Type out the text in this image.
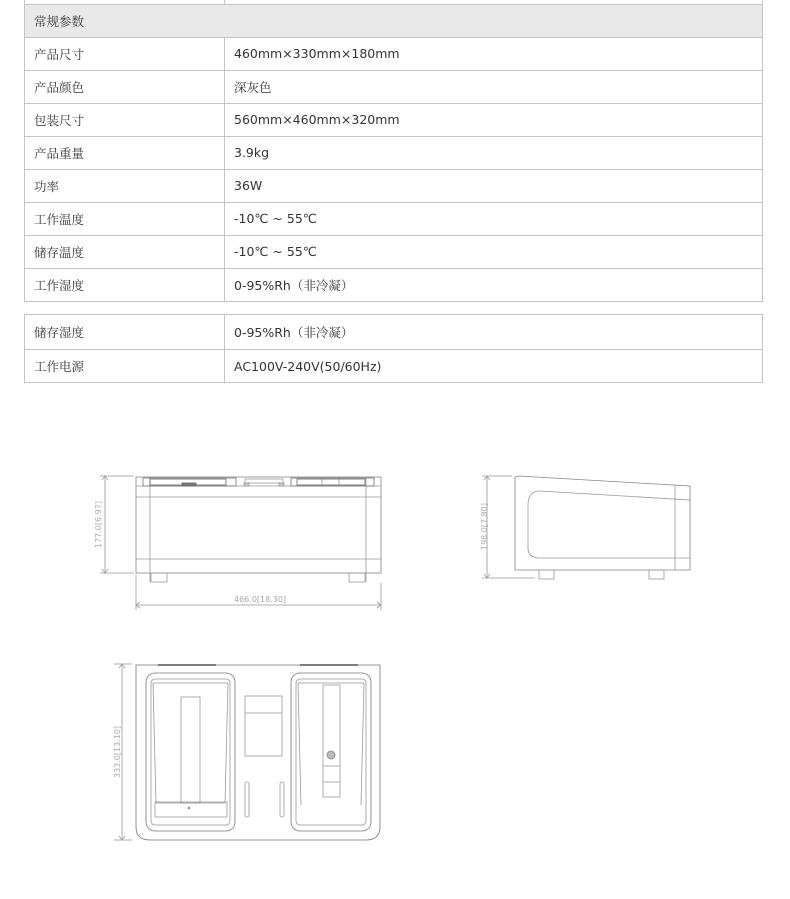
常规参数	
产品尺寸	460mm×330mm×180mm
产品颜色	深灰色
包装尺寸	560mm×460mm×320mm
产品重量	3.9kg
功率	36W
工作温度	-10℃ ~ 55℃
储存温度	-10℃ ~ 55℃
工作湿度	0-95%Rh（非冷凝）
储存湿度	0-95%Rh（非冷凝）
工作电源	AC100V-240V(50/60Hz)
177.0[6.97]
466.0[18.30]
198.0[7.80]
333.0[13.10]
